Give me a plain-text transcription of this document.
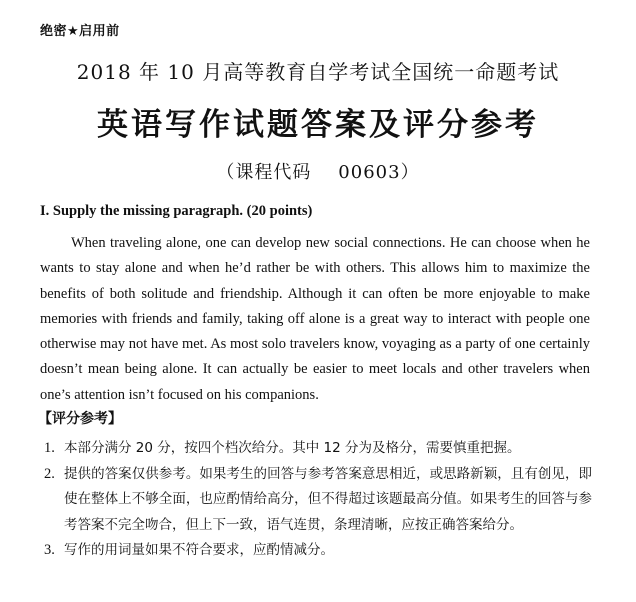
绝密★启用前
2018 年 10 月高等教育自学考试全国统一命题考试
英语写作试题答案及评分参考
（课程代码    00603）
I. Supply the missing paragraph. (20 points)

When traveling alone, one can develop new social connections. He can choose when he wants to stay alone and when he’d rather be with others. This allows him to maximize the benefits of both solitude and friendship. Although it can often be more enjoyable to make memories with friends and family, taking off alone is a great way to interact with people one otherwise may not have met. As most solo travelers know, voyaging as a party of one certainly doesn’t mean being alone. It can actually be easier to meet locals and other travelers when one’s attention isn’t focused on his companions.

【评分参考】
1. 本部分满分 20 分，按四个档次给分。其中 12 分为及格分，需要慎重把握。
2. 提供的答案仅供参考。如果考生的回答与参考答案意思相近，或思路新颖，且有创见，即使在整体上不够全面，也应酌情给高分，但不得超过该题最高分值。如果考生的回答与参考答案不完全吻合，但上下一致，语气连贯，条理清晰，应按正确答案给分。
3. 写作的用词量如果不符合要求，应酌情减分。
